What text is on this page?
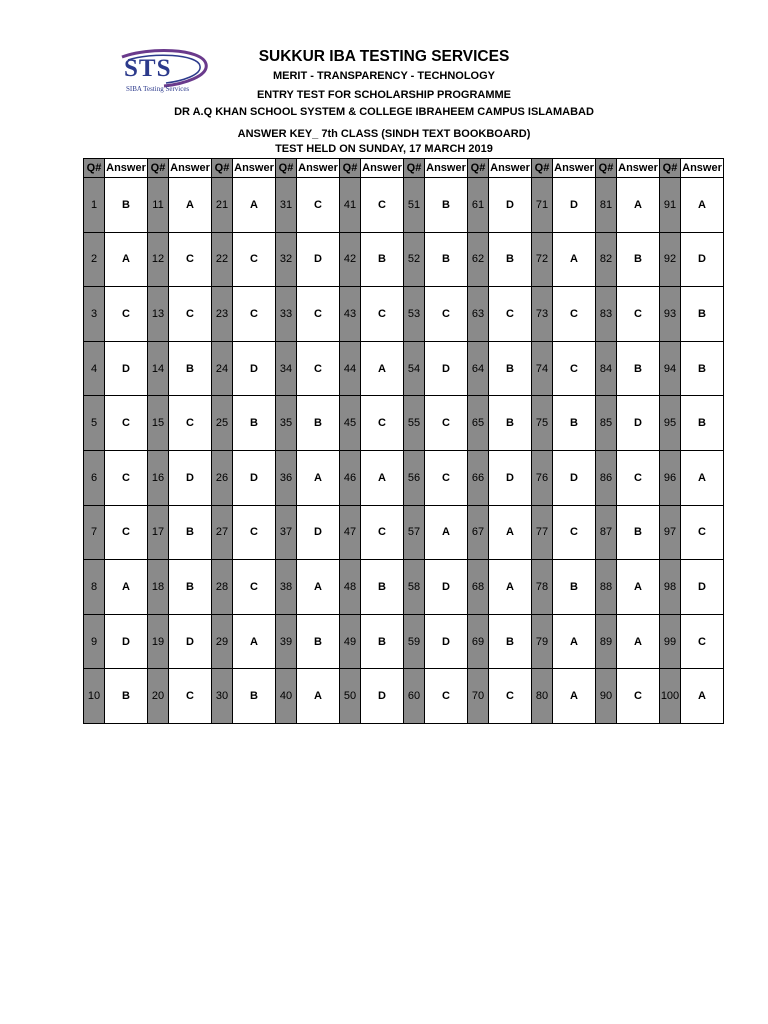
STS
SIBA Testing Services
SUKKUR IBA TESTING SERVICES
MERIT - TRANSPARENCY - TECHNOLOGY
ENTRY TEST FOR SCHOLARSHIP PROGRAMME
DR A.Q KHAN SCHOOL SYSTEM & COLLEGE IBRAHEEM CAMPUS ISLAMABAD
ANSWER KEY_ 7th CLASS (SINDH TEXT BOOKBOARD)
TEST HELD ON SUNDAY, 17 MARCH 2019
Q#	Answer	Q#	Answer	Q#	Answer	Q#	Answer	Q#	Answer	Q#	Answer	Q#	Answer	Q#	Answer	Q#	Answer	Q#	Answer
1	B	11	A	21	A	31	C	41	C	51	B	61	D	71	D	81	A	91	A
2	A	12	C	22	C	32	D	42	B	52	B	62	B	72	A	82	B	92	D
3	C	13	C	23	C	33	C	43	C	53	C	63	C	73	C	83	C	93	B
4	D	14	B	24	D	34	C	44	A	54	D	64	B	74	C	84	B	94	B
5	C	15	C	25	B	35	B	45	C	55	C	65	B	75	B	85	D	95	B
6	C	16	D	26	D	36	A	46	A	56	C	66	D	76	D	86	C	96	A
7	C	17	B	27	C	37	D	47	C	57	A	67	A	77	C	87	B	97	C
8	A	18	B	28	C	38	A	48	B	58	D	68	A	78	B	88	A	98	D
9	D	19	D	29	A	39	B	49	B	59	D	69	B	79	A	89	A	99	C
10	B	20	C	30	B	40	A	50	D	60	C	70	C	80	A	90	C	100	A
